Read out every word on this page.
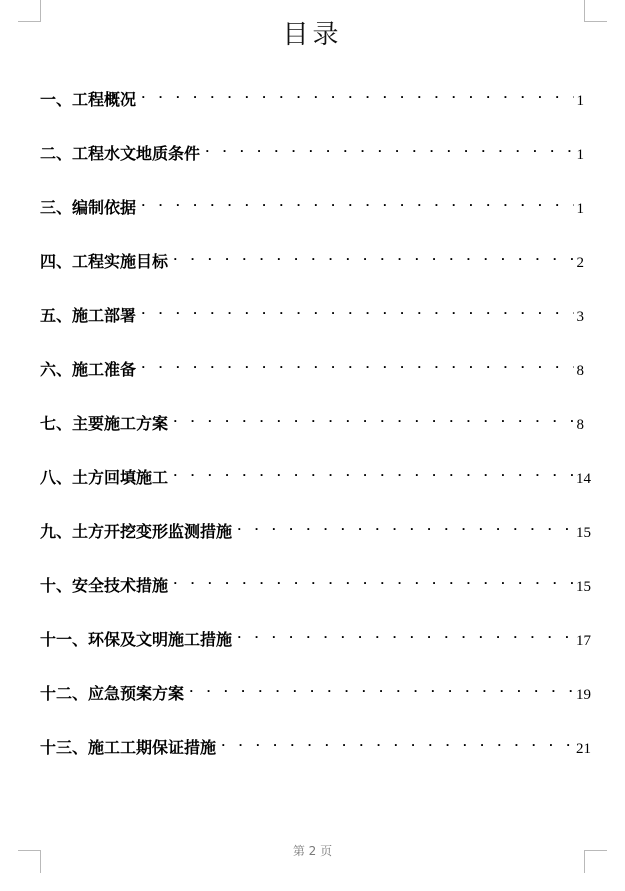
目录
一、工程概况 · · ·	1
二、工程水文地质条件 · · ·	1
三、编制依据 · · ·	1
四、工程实施目标 · · ·	2
五、施工部署 · · ·	3
六、施工准备 · · ·	8
七、主要施工方案 · · ·	8
八、土方回填施工 · · ·	14
九、土方开挖变形监测措施 · · ·	15
十、安全技术措施 · · ·	15
十一、环保及文明施工措施 · · ·	17
十二、应急预案方案 · · ·	19
十三、施工工期保证措施 · · ·	21
第 2 页
